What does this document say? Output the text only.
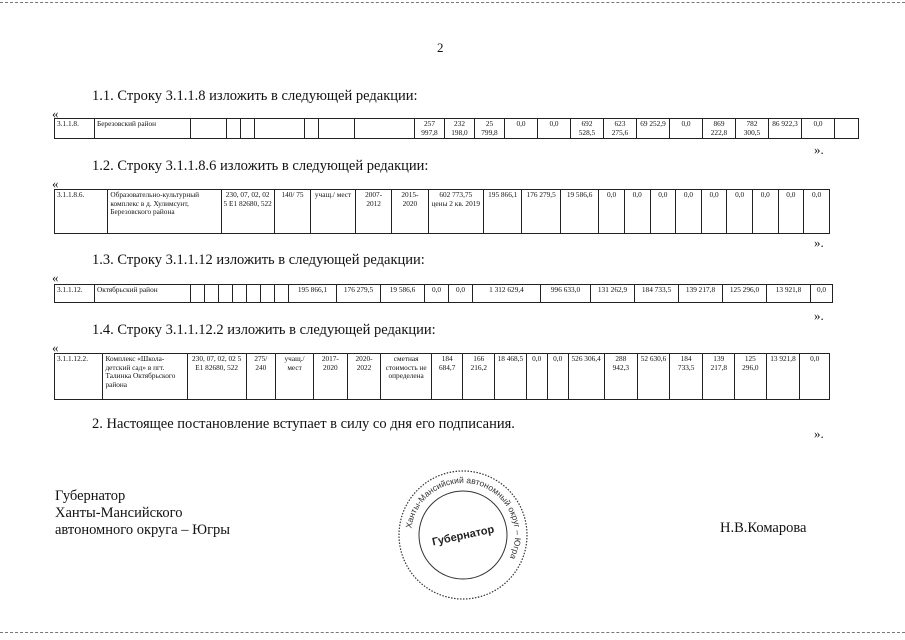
2
1.1. Строку 3.1.1.8 изложить в следующей редакции:
«
3.1.1.8.	Березовский район								257 997,8	232 198,0	25 799,8	0,0	0,0	692 528,5	623 275,6	69 252,9	0,0	869 222,8	782 300,5	86 922,3	0,0	
».
1.2. Строку 3.1.1.8.6 изложить в следующей редакции:
«
3.1.1.8.6.	Образовательно-культурный комплекс в д. Хулимсунт, Березовского района	230, 07, 02, 02 5 Е1 82680, 522	140/ 75	учащ./ мест	2007-2012	2015-2020	602 773,75 цены 2 кв. 2019	195 866,1	176 279,5	19 586,6	0,0	0,0	0,0	0,0	0,0	0,0	0,0	0,0	0,0
».
1.3. Строку 3.1.1.12 изложить в следующей редакции:
«
3.1.1.12.	Октябрьский район								195 866,1	176 279,5	19 586,6	0,0	0,0	1 312 629,4	996 633,0	131 262,9	184 733,5	139 217,8	125 296,0	13 921,8	0,0
».
1.4. Строку 3.1.1.12.2 изложить в следующей редакции:
«
3.1.1.12.2.	Комплекс «Школа-детский сад» в пгт. Талинка Октябрьского района	230, 07, 02, 02 5 Е1 82680, 522	275/ 240	учащ./ мест	2017-2020	2020-2022	сметная стоимость не определена	184 684,7	166 216,2	18 468,5	0,0	0,0	526 306,4	288 942,3	52 630,6	184 733,5	139 217,8	125 296,0	13 921,8	0,0
».
2. Настоящее постановление вступает в силу со дня его подписания.
Губернатор
Ханты-Мансийского
автономного округа – Югры	Ханты-Мансийский автономный округ – Югра
Губернатор	Н.В.Комарова
